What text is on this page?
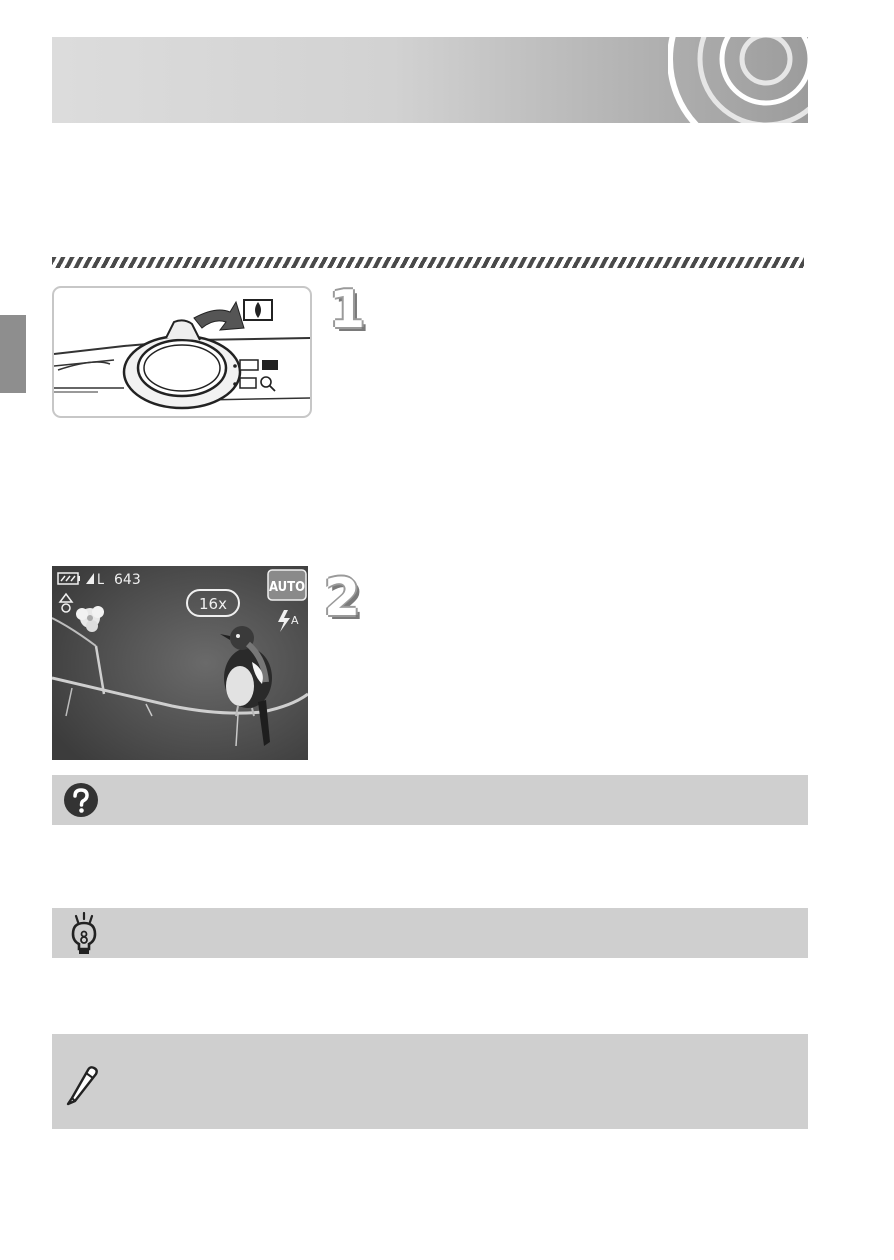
1
L 643
16x
AUTO
A 2
